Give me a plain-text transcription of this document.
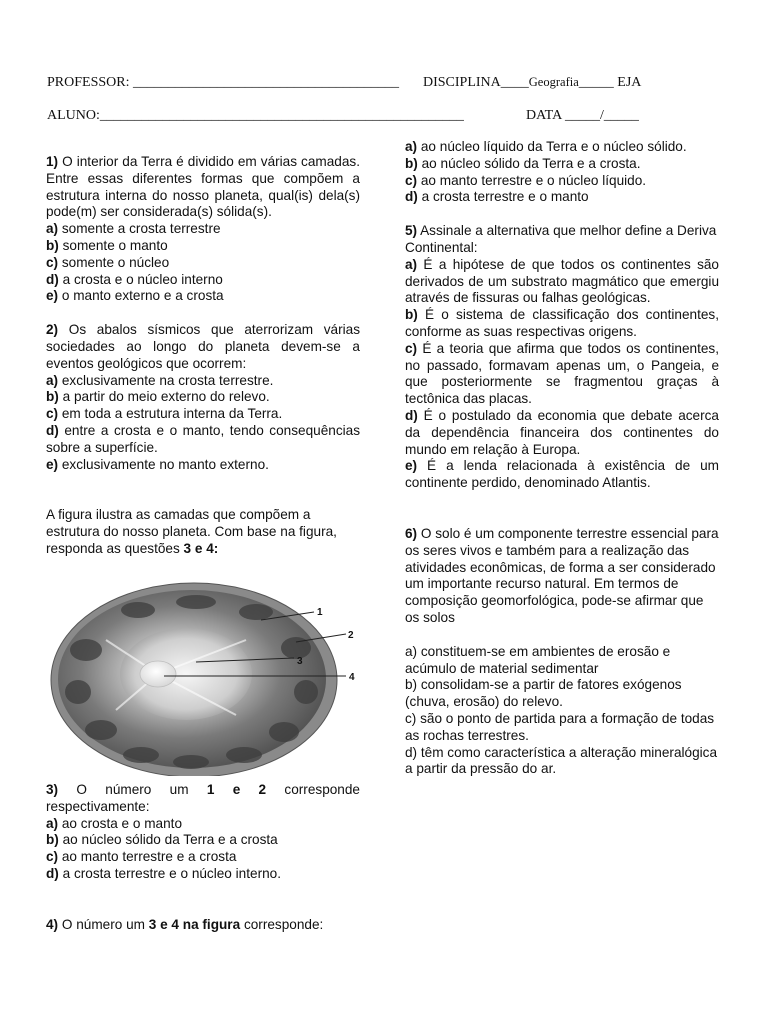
PROFESSOR: ______________________________________ DISCIPLINA____Geografia_____ EJA
ALUNO:____________________________________________________	DATA _____/_____

1) O interior da Terra é dividido em várias camadas. Entre essas diferentes formas que compõem a estrutura interna do nosso planeta, qual(is) dela(s) pode(m) ser considerada(s) sólida(s).

a) somente a crosta terrestre

b) somente o manto

c) somente o núcleo

d) a crosta e o núcleo interno

e) o manto externo e a crosta

2) Os abalos sísmicos que aterrorizam várias sociedades ao longo do planeta devem-se a eventos geológicos que ocorrem:

a) exclusivamente na crosta terrestre.

b) a partir do meio externo do relevo.

c) em toda a estrutura interna da Terra.

d) entre a crosta e o manto, tendo consequências sobre a superfície.

e) exclusivamente no manto externo.

A figura ilustra as camadas que compõem a estrutura do nosso planeta. Com base na figura, responda as questões 3 e 4:

1
2
3
4

3) O número um 1 e 2 corresponde respectivamente:

a) ao crosta e o manto

b) ao núcleo sólido da Terra e a crosta

c) ao manto terrestre e a crosta

d) a crosta terrestre e o núcleo interno.

4) O número um 3 e 4 na figura corresponde:

a) ao núcleo líquido da Terra e o núcleo sólido.

b) ao núcleo sólido da Terra e a crosta.

c) ao manto terrestre e o núcleo líquido.

d) a crosta terrestre e o manto

5) Assinale a alternativa que melhor define a Deriva Continental:

a) É a hipótese de que todos os continentes são derivados de um substrato magmático que emergiu através de fissuras ou falhas geológicas.

b) É o sistema de classificação dos continentes, conforme as suas respectivas origens.

c) É a teoria que afirma que todos os continentes, no passado, formavam apenas um, o Pangeia, e que posteriormente se fragmentou graças à tectônica das placas.

d) É o postulado da economia que debate acerca da dependência financeira dos continentes do mundo em relação à Europa.

e) É a lenda relacionada à existência de um continente perdido, denominado Atlantis.

6) O solo é um componente terrestre essencial para os seres vivos e também para a realização das atividades econômicas, de forma a ser considerado um importante recurso natural. Em termos de composição geomorfológica, pode-se afirmar que os solos

a) constituem-se em ambientes de erosão e acúmulo de material sedimentar

b) consolidam-se a partir de fatores exógenos (chuva, erosão) do relevo.

c) são o ponto de partida para a formação de todas as rochas terrestres.

d) têm como característica a alteração mineralógica a partir da pressão do ar.
